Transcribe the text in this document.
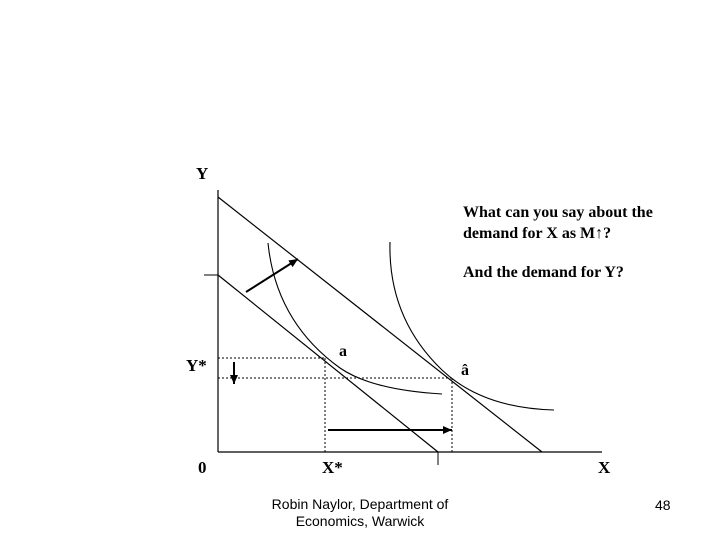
Y
X
0
Y*
X*
a
â

What can you say about the demand for X as M↑?

And the demand for Y?

Robin Naylor, Department of Economics, Warwick
48
